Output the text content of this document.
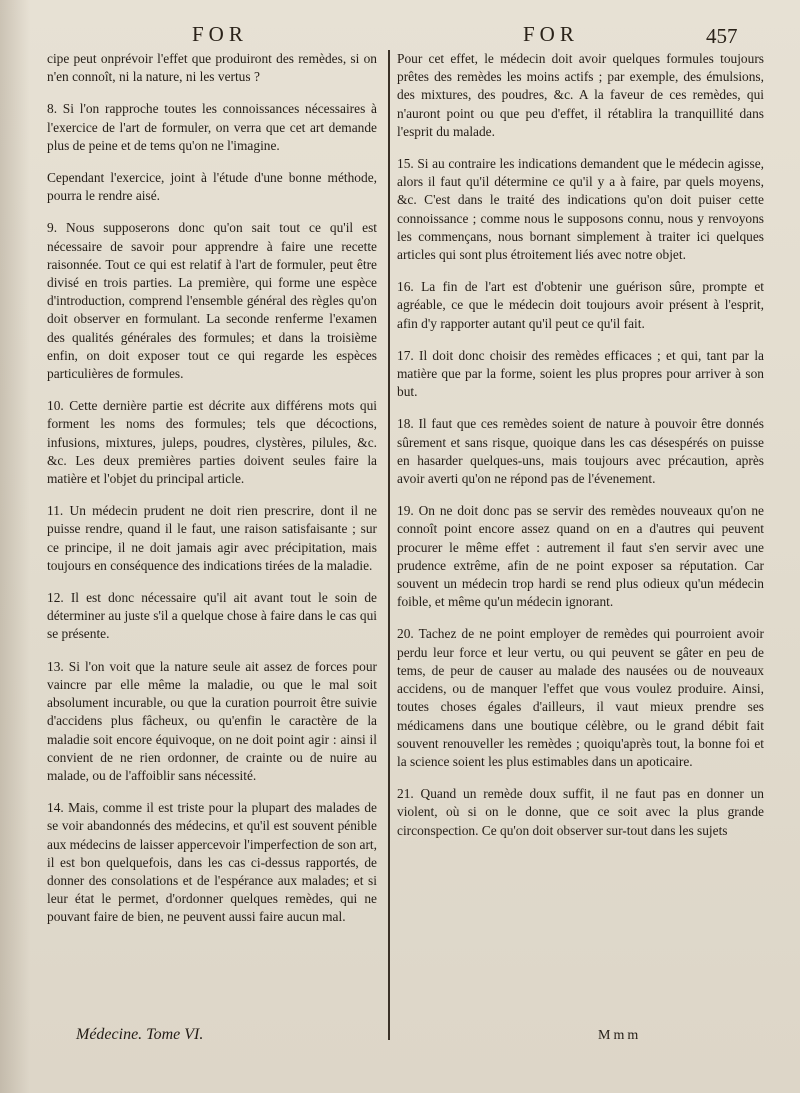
FOR	FOR	457

cipe peut onprévoir l'effet que produiront des remèdes, si on n'en connoît, ni la nature, ni les vertus ?

8. Si l'on rapproche toutes les connoissances nécessaires à l'exercice de l'art de formuler, on verra que cet art demande plus de peine et de tems qu'on ne l'imagine.

Cependant l'exercice, joint à l'étude d'une bonne méthode, pourra le rendre aisé.

9. Nous supposerons donc qu'on sait tout ce qu'il est nécessaire de savoir pour apprendre à faire une recette raisonnée. Tout ce qui est relatif à l'art de formuler, peut être divisé en trois parties. La première, qui forme une espèce d'introduction, comprend l'ensemble général des règles qu'on doit observer en formulant. La seconde renferme l'examen des qualités générales des formules; et dans la troisième enfin, on doit exposer tout ce qui regarde les espèces particulières de formules.

10. Cette dernière partie est décrite aux différens mots qui forment les noms des formules; tels que décoctions, infusions, mixtures, juleps, poudres, clystères, pilules, &c. &c. Les deux premières parties doivent seules faire la matière et l'objet du principal article.

11. Un médecin prudent ne doit rien prescrire, dont il ne puisse rendre, quand il le faut, une raison satisfaisante ; sur ce principe, il ne doit jamais agir avec précipitation, mais toujours en conséquence des indications tirées de la maladie.

12. Il est donc nécessaire qu'il ait avant tout le soin de déterminer au juste s'il a quelque chose à faire dans le cas qui se présente.

13. Si l'on voit que la nature seule ait assez de forces pour vaincre par elle même la maladie, ou que le mal soit absolument incurable, ou que la curation pourroit être suivie d'accidens plus fâcheux, ou qu'enfin le caractère de la maladie soit encore équivoque, on ne doit point agir : ainsi il convient de ne rien ordonner, de crainte ou de nuire au malade, ou de l'affoiblir sans nécessité.

14. Mais, comme il est triste pour la plupart des malades de se voir abandonnés des médecins, et qu'il est souvent pénible aux médecins de laisser appercevoir l'imperfection de son art, il est bon quelquefois, dans les cas ci-dessus rapportés, de donner des consolations et de l'espérance aux malades; et si leur état le permet, d'ordonner quelques remèdes, qui ne pouvant faire de bien, ne peuvent aussi faire aucun mal.

Pour cet effet, le médecin doit avoir quelques formules toujours prêtes des remèdes les moins actifs ; par exemple, des émulsions, des mixtures, des poudres, &c. A la faveur de ces remèdes, qui n'auront point ou que peu d'effet, il rétablira la tranquillité dans l'esprit du malade.

15. Si au contraire les indications demandent que le médecin agisse, alors il faut qu'il détermine ce qu'il y a à faire, par quels moyens, &c. C'est dans le traité des indications qu'on doit puiser cette connoissance ; comme nous le supposons connu, nous y renvoyons les commençans, nous bornant simplement à traiter ici quelques articles qui sont plus étroitement liés avec notre objet.

16. La fin de l'art est d'obtenir une guérison sûre, prompte et agréable, ce que le médecin doit toujours avoir présent à l'esprit, afin d'y rapporter autant qu'il peut ce qu'il fait.

17. Il doit donc choisir des remèdes efficaces ; et qui, tant par la matière que par la forme, soient les plus propres pour arriver à son but.

18. Il faut que ces remèdes soient de nature à pouvoir être donnés sûrement et sans risque, quoique dans les cas désespérés on puisse en hasarder quelques-uns, mais toujours avec précaution, après avoir averti qu'on ne répond pas de l'évenement.

19. On ne doit donc pas se servir des remèdes nouveaux qu'on ne connoît point encore assez quand on en a d'autres qui peuvent procurer le même effet : autrement il faut s'en servir avec une prudence extrême, afin de ne point exposer sa réputation. Car souvent un médecin trop hardi se rend plus odieux qu'un médecin foible, et même qu'un médecin ignorant.

20. Tachez de ne point employer de remèdes qui pourroient avoir perdu leur force et leur vertu, ou qui peuvent se gâter en peu de tems, de peur de causer au malade des nausées ou de nouveaux accidens, ou de manquer l'effet que vous voulez produire. Ainsi, toutes choses égales d'ailleurs, il vaut mieux prendre ses médicamens dans une boutique célèbre, ou le grand débit fait souvent renouveller les remèdes ; quoiqu'après tout, la bonne foi et la science soient les plus estimables dans un apoticaire.

21. Quand un remède doux suffit, il ne faut pas en donner un violent, où si on le donne, que ce soit avec la plus grande circonspection. Ce qu'on doit observer sur-tout dans les sujets

Médecine. Tome VI.	Mmm
